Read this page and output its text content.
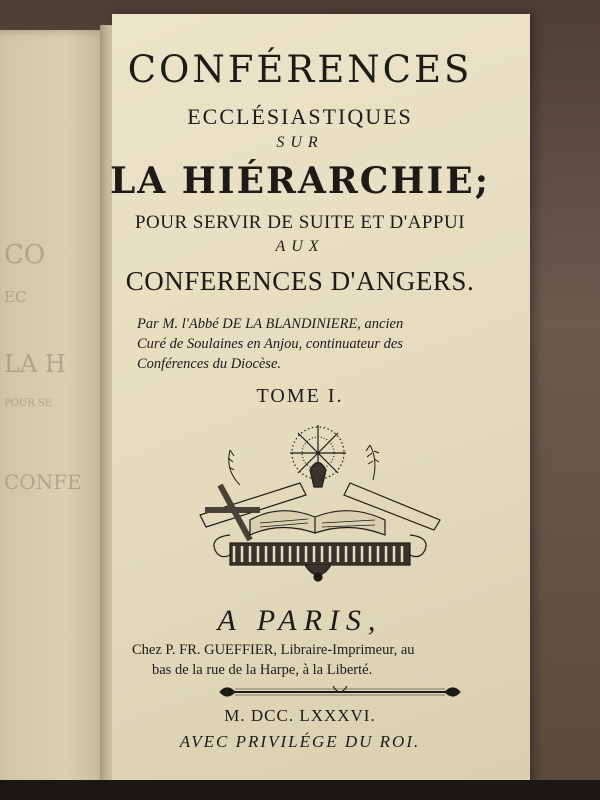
CO
EC
LA H
POUR SE
CONFE
CONFÉRENCES
ECCLÉSIASTIQUES
SUR
LA HIÉRARCHIE;
POUR SERVIR DE SUITE ET D'APPUI
AUX
CONFERENCES D'ANGERS.
Par M. l'Abbé DE LA BLANDINIERE, ancien
Curé de Soulaines en Anjou, continuateur des
Conférences du Diocèse.
TOME I.
A PARIS,
Chez P. FR. GUEFFIER, Libraire-Imprimeur, au
bas de la rue de la Harpe, à la Liberté.
M. DCC. LXXXVI.
AVEC PRIVILÉGE DU ROI.
